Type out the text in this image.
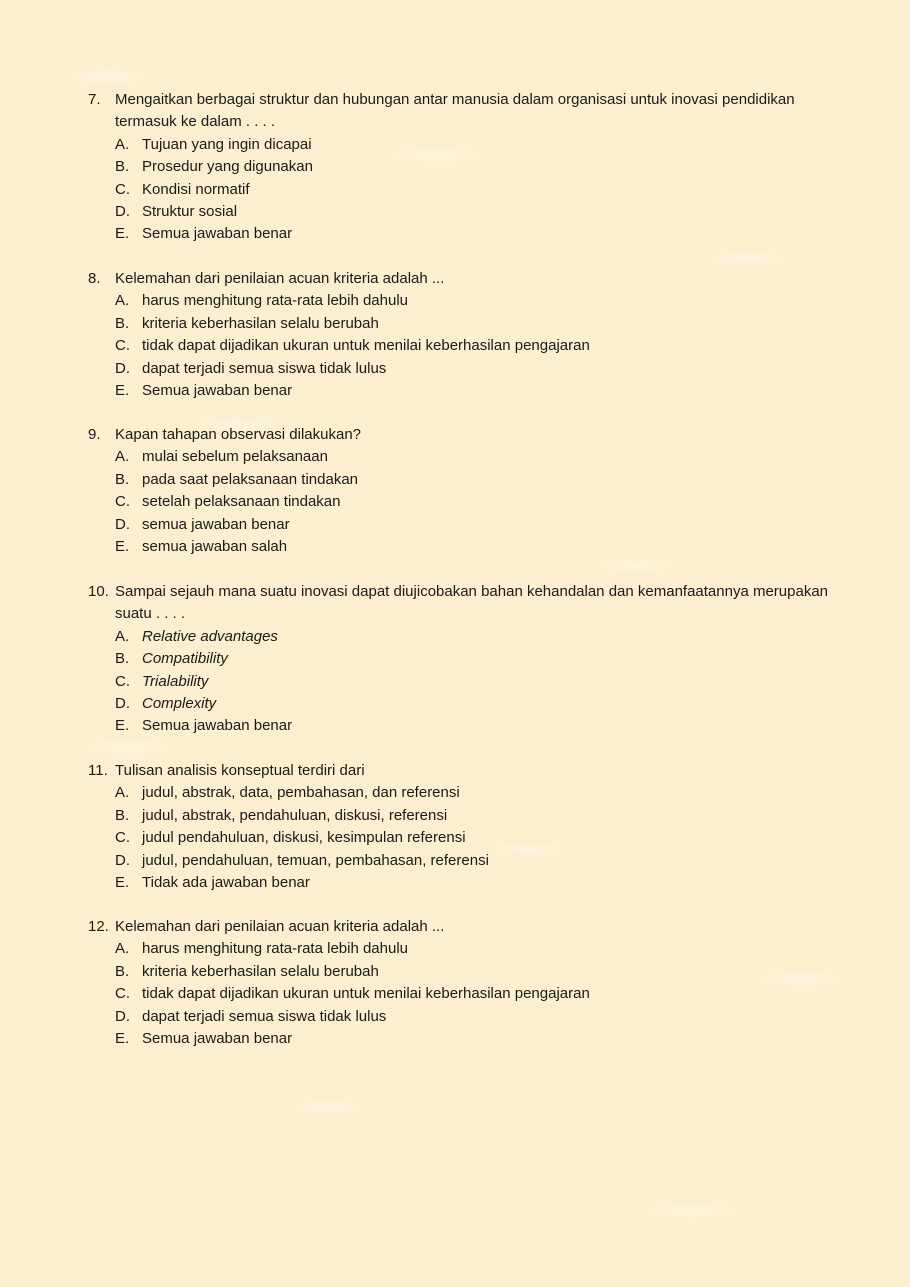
7. Mengaitkan berbagai struktur dan hubungan antar manusia dalam organisasi untuk inovasi pendidikan termasuk ke dalam . . . .
A. Tujuan yang ingin dicapai
B. Prosedur yang digunakan
C. Kondisi normatif
D. Struktur sosial
E. Semua jawaban benar
8. Kelemahan dari penilaian acuan kriteria adalah ...
A. harus menghitung rata-rata lebih dahulu
B. kriteria keberhasilan selalu berubah
C. tidak dapat dijadikan ukuran untuk menilai keberhasilan pengajaran
D. dapat terjadi semua siswa tidak lulus
E. Semua jawaban benar
9. Kapan tahapan observasi dilakukan?
A. mulai sebelum pelaksanaan
B. pada saat pelaksanaan tindakan
C. setelah pelaksanaan tindakan
D. semua jawaban benar
E. semua jawaban salah
10. Sampai sejauh mana suatu inovasi dapat diujicobakan bahan kehandalan dan kemanfaatannya merupakan suatu . . . .
A. Relative advantages
B. Compatibility
C. Trialability
D. Complexity
E. Semua jawaban benar
11. Tulisan analisis konseptual terdiri dari
A. judul, abstrak, data, pembahasan, dan referensi
B. judul, abstrak, pendahuluan, diskusi, referensi
C. judul pendahuluan, diskusi, kesimpulan referensi
D. judul, pendahuluan, temuan, pembahasan, referensi
E. Tidak ada jawaban benar
12. Kelemahan dari penilaian acuan kriteria adalah ...
A. harus menghitung rata-rata lebih dahulu
B. kriteria keberhasilan selalu berubah
C. tidak dapat dijadikan ukuran untuk menilai keberhasilan pengajaran
D. dapat terjadi semua siswa tidak lulus
E. Semua jawaban benar
